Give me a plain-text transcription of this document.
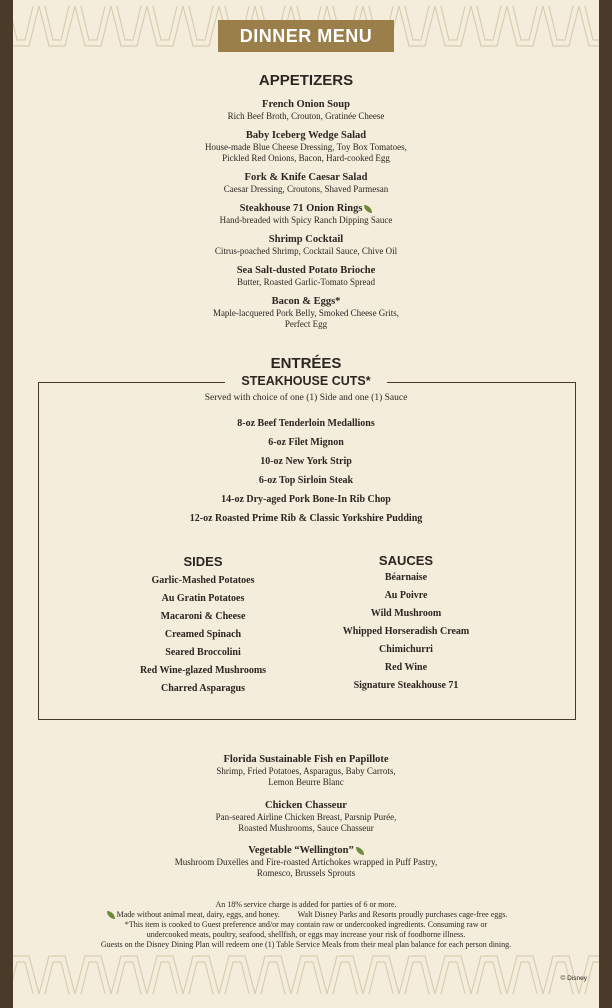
DINNER MENU
APPETIZERS
French Onion Soup
Rich Beef Broth, Crouton, Gratinée Cheese
Baby Iceberg Wedge Salad
House-made Blue Cheese Dressing, Toy Box Tomatoes,
Pickled Red Onions, Bacon, Hard-cooked Egg
Fork & Knife Caesar Salad
Caesar Dressing, Croutons, Shaved Parmesan
Steakhouse 71 Onion Rings
Hand-breaded with Spicy Ranch Dipping Sauce
Shrimp Cocktail
Citrus-poached Shrimp, Cocktail Sauce, Chive Oil
Sea Salt-dusted Potato Brioche
Butter, Roasted Garlic-Tomato Spread
Bacon & Eggs*
Maple-lacquered Pork Belly, Smoked Cheese Grits,
Perfect Egg
ENTRÉES
STEAKHOUSE CUTS*
Served with choice of one (1) Side and one (1) Sauce
8-oz Beef Tenderloin Medallions
6-oz Filet Mignon
10-oz New York Strip
6-oz Top Sirloin Steak
14-oz Dry-aged Pork Bone-In Rib Chop
12-oz Roasted Prime Rib & Classic Yorkshire Pudding
SIDES	SAUCES
Garlic-Mashed Potatoes
Au Gratin Potatoes
Macaroni & Cheese
Creamed Spinach
Seared Broccolini
Red Wine-glazed Mushrooms
Charred Asparagus
Béarnaise
Au Poivre
Wild Mushroom
Whipped Horseradish Cream
Chimichurri
Red Wine
Signature Steakhouse 71
Florida Sustainable Fish en Papillote
Shrimp, Fried Potatoes, Asparagus, Baby Carrots,
Lemon Beurre Blanc
Chicken Chasseur
Pan-seared Airline Chicken Breast, Parsnip Purée,
Roasted Mushrooms, Sauce Chasseur
Vegetable “Wellington”
Mushroom Duxelles and Fire-roasted Artichokes wrapped in Puff Pastry,
Romesco, Brussels Sprouts
An 18% service charge is added for parties of 6 or more.
Made without animal meat, dairy, eggs, and honey. Walt Disney Parks and Resorts proudly purchases cage-free eggs.
*This item is cooked to Guest preference and/or may contain raw or undercooked ingredients. Consuming raw or
undercooked meats, poultry, seafood, shellfish, or eggs may increase your risk of foodborne illness.
Guests on the Disney Dining Plan will redeem one (1) Table Service Meals from their meal plan balance for each person dining.
© Disney
